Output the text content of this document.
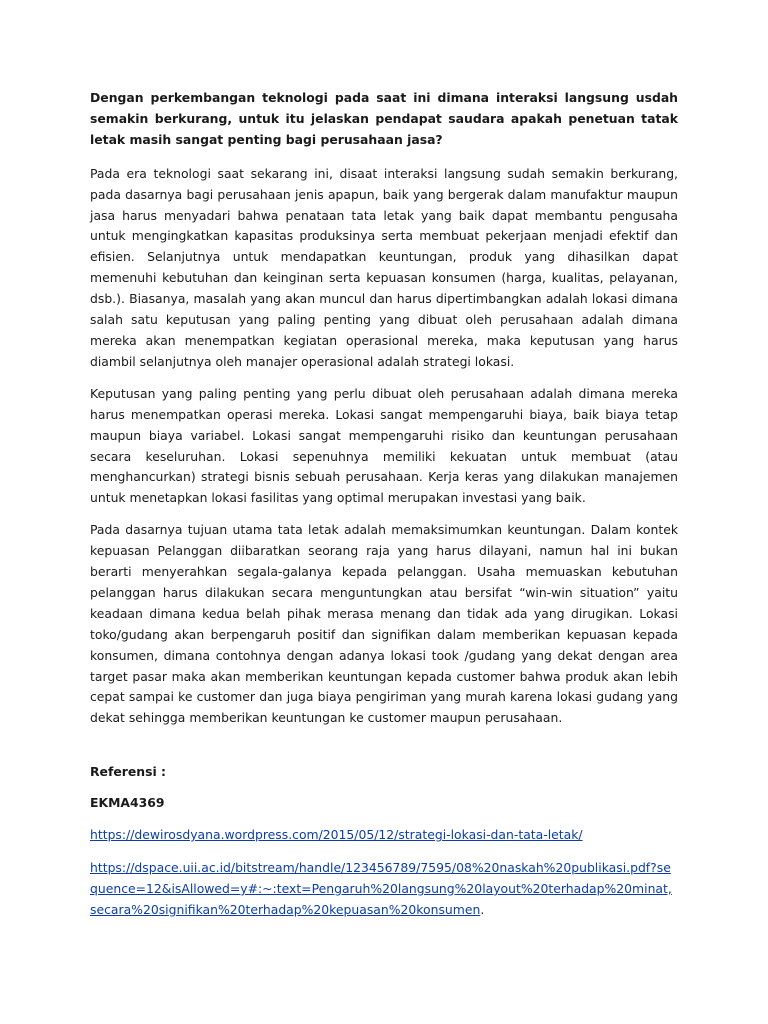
Dengan perkembangan teknologi pada saat ini dimana interaksi langsung usdah semakin berkurang, untuk itu jelaskan pendapat saudara apakah penetuan tatak letak masih sangat penting bagi perusahaan jasa?

Pada era teknologi saat sekarang ini, disaat interaksi langsung sudah semakin berkurang, pada dasarnya bagi perusahaan jenis apapun, baik yang bergerak dalam manufaktur maupun jasa harus menyadari bahwa penataan tata letak yang baik dapat membantu pengusaha untuk mengingkatkan kapasitas produksinya serta membuat pekerjaan menjadi efektif dan efisien. Selanjutnya untuk mendapatkan keuntungan, produk yang dihasilkan dapat memenuhi kebutuhan dan keinginan serta kepuasan konsumen (harga, kualitas, pelayanan, dsb.). Biasanya, masalah yang akan muncul dan harus dipertimbangkan adalah lokasi dimana salah satu keputusan yang paling penting yang dibuat oleh perusahaan adalah dimana mereka akan menempatkan kegiatan operasional mereka, maka keputusan yang harus diambil selanjutnya oleh manajer operasional adalah strategi lokasi.

Keputusan yang paling penting yang perlu dibuat oleh perusahaan adalah dimana mereka harus menempatkan operasi mereka. Lokasi sangat mempengaruhi biaya, baik biaya tetap maupun biaya variabel. Lokasi sangat mempengaruhi risiko dan keuntungan perusahaan secara keseluruhan. Lokasi sepenuhnya memiliki kekuatan untuk membuat (atau menghancurkan) strategi bisnis sebuah perusahaan. Kerja keras yang dilakukan manajemen untuk menetapkan lokasi fasilitas yang optimal merupakan investasi yang baik.

Pada dasarnya tujuan utama tata letak adalah memaksimumkan keuntungan. Dalam kontek kepuasan Pelanggan diibaratkan seorang raja yang harus dilayani, namun hal ini bukan berarti menyerahkan segala-galanya kepada pelanggan. Usaha memuaskan kebutuhan pelanggan harus dilakukan secara menguntungkan atau bersifat “win-win situation” yaitu keadaan dimana kedua belah pihak merasa menang dan tidak ada yang dirugikan. Lokasi toko/gudang akan berpengaruh positif dan signifikan dalam memberikan kepuasan kepada konsumen, dimana contohnya dengan adanya lokasi took /gudang yang dekat dengan area target pasar maka akan memberikan keuntungan kepada customer bahwa produk akan lebih cepat sampai ke customer dan juga biaya pengiriman yang murah karena lokasi gudang yang dekat sehingga memberikan keuntungan ke customer maupun perusahaan.

Referensi :

EKMA4369

https://dewirosdyana.wordpress.com/2015/05/12/strategi-lokasi-dan-tata-letak/

https://dspace.uii.ac.id/bitstream/handle/123456789/7595/08%20naskah%20publikasi.pdf?sequence=12&isAllowed=y#:~:text=Pengaruh%20langsung%20layout%20terhadap%20minat,secara%20signifikan%20terhadap%20kepuasan%20konsumen.
